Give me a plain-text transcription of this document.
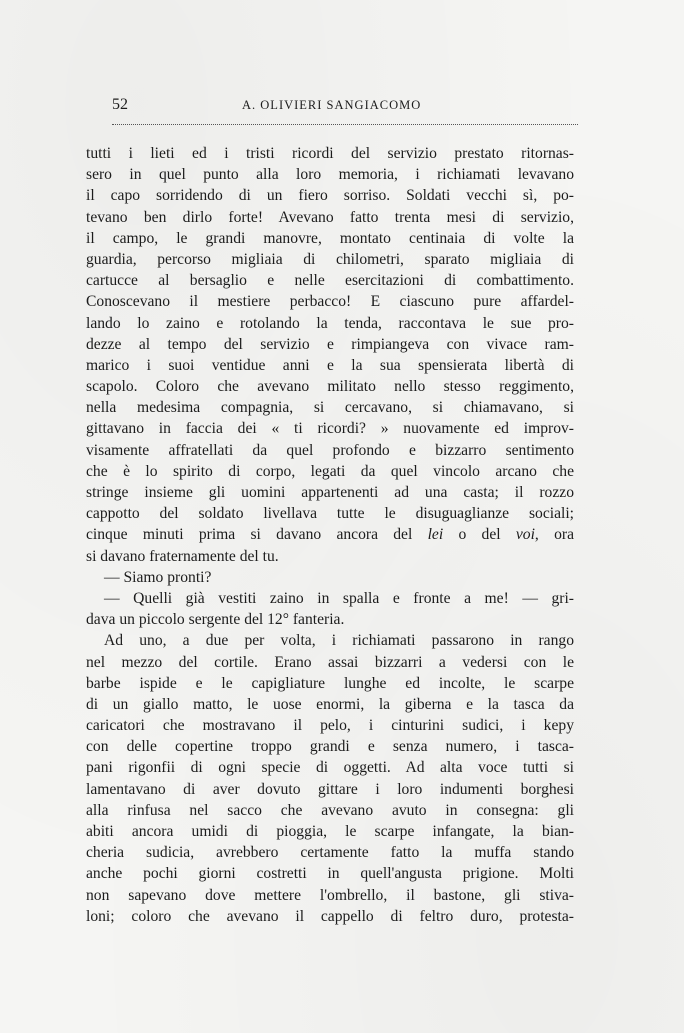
52	A. OLIVIERI SANGIACOMO
tutti i lieti ed i tristi ricordi del servizio prestato ritornas-
sero in quel punto alla loro memoria, i richiamati levavano
il capo sorridendo di un fiero sorriso. Soldati vecchi sì, po-
tevano ben dirlo forte! Avevano fatto trenta mesi di servizio,
il campo, le grandi manovre, montato centinaia di volte la
guardia, percorso migliaia di chilometri, sparato migliaia di
cartucce al bersaglio e nelle esercitazioni di combattimento.
Conoscevano il mestiere perbacco! E ciascuno pure affardel-
lando lo zaino e rotolando la tenda, raccontava le sue pro-
dezze al tempo del servizio e rimpiangeva con vivace ram-
marico i suoi ventidue anni e la sua spensierata libertà di
scapolo. Coloro che avevano militato nello stesso reggimento,
nella medesima compagnia, si cercavano, si chiamavano, si
gittavano in faccia dei « ti ricordi? » nuovamente ed improv-
visamente affratellati da quel profondo e bizzarro sentimento
che è lo spirito di corpo, legati da quel vincolo arcano che
stringe insieme gli uomini appartenenti ad una casta; il rozzo
cappotto del soldato livellava tutte le disuguaglianze sociali;
cinque minuti prima si davano ancora del lei o del voi, ora
si davano fraternamente del tu.
— Siamo pronti?
— Quelli già vestiti zaino in spalla e fronte a me! — gri-
dava un piccolo sergente del 12° fanteria.
Ad uno, a due per volta, i richiamati passarono in rango
nel mezzo del cortile. Erano assai bizzarri a vedersi con le
barbe ispide e le capigliature lunghe ed incolte, le scarpe
di un giallo matto, le uose enormi, la giberna e la tasca da
caricatori che mostravano il pelo, i cinturini sudici, i kepy
con delle copertine troppo grandi e senza numero, i tasca-
pani rigonfii di ogni specie di oggetti. Ad alta voce tutti si
lamentavano di aver dovuto gittare i loro indumenti borghesi
alla rinfusa nel sacco che avevano avuto in consegna: gli
abiti ancora umidi di pioggia, le scarpe infangate, la bian-
cheria sudicia, avrebbero certamente fatto la muffa stando
anche pochi giorni costretti in quell'angusta prigione. Molti
non sapevano dove mettere l'ombrello, il bastone, gli stiva-
loni; coloro che avevano il cappello di feltro duro, protesta-
